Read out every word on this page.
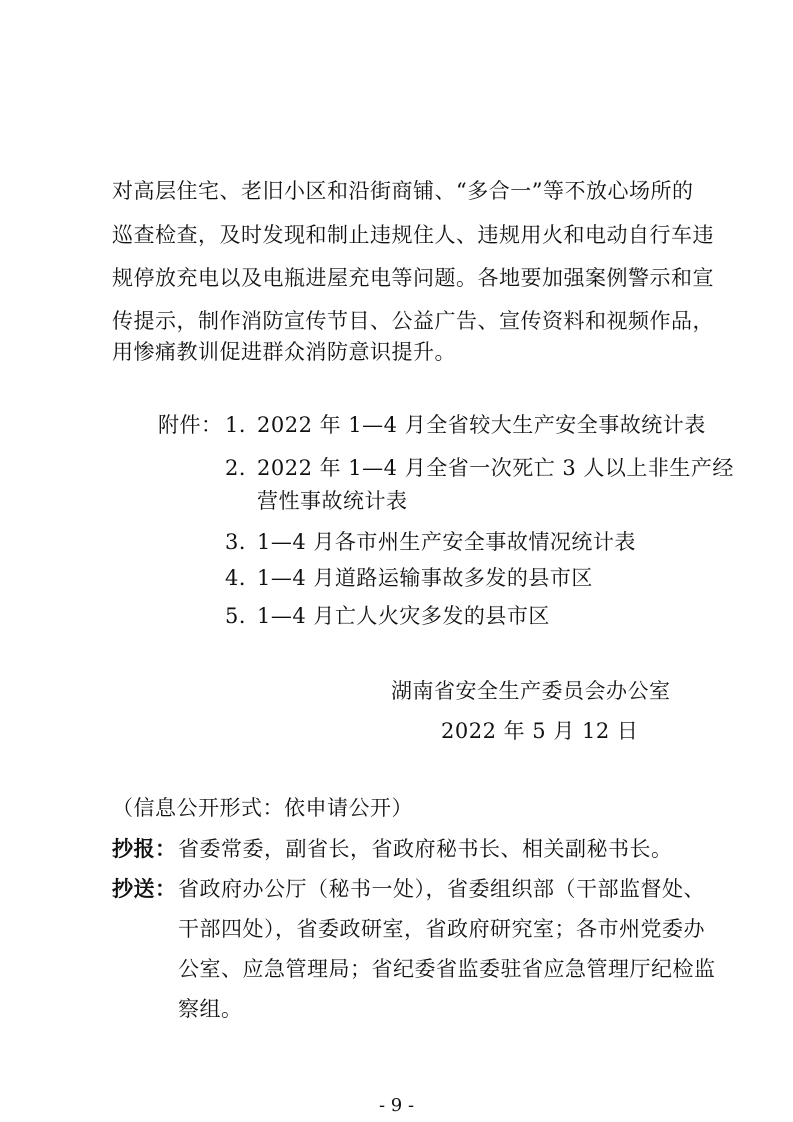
对高层住宅、老旧小区和沿街商铺、“多合一”等不放心场所的
巡查检查，及时发现和制止违规住人、违规用火和电动自行车违
规停放充电以及电瓶进屋充电等问题。各地要加强案例警示和宣
传提示，制作消防宣传节目、公益广告、宣传资料和视频作品，
用惨痛教训促进群众消防意识提升。
附件： 1．
2022 年 1—4 月全省较大生产安全事故统计表
2．
2022 年 1—4 月全省一次死亡 3 人以上非生产经
营性事故统计表
3．
1—4 月各市州生产安全事故情况统计表
4．
1—4 月道路运输事故多发的县市区
5．
1—4 月亡人火灾多发的县市区
湖南省安全生产委员会办公室
2022 年 5 月 12 日
（信息公开形式：依申请公开）
抄报： 省委常委，副省长，省政府秘书长、相关副秘书长。
抄送： 省政府办公厅（秘书一处），省委组织部（干部监督处、
干部四处），省委政研室，省政府研究室；各市州党委办
公室、应急管理局；省纪委省监委驻省应急管理厅纪检监
察组。
- 9 -
